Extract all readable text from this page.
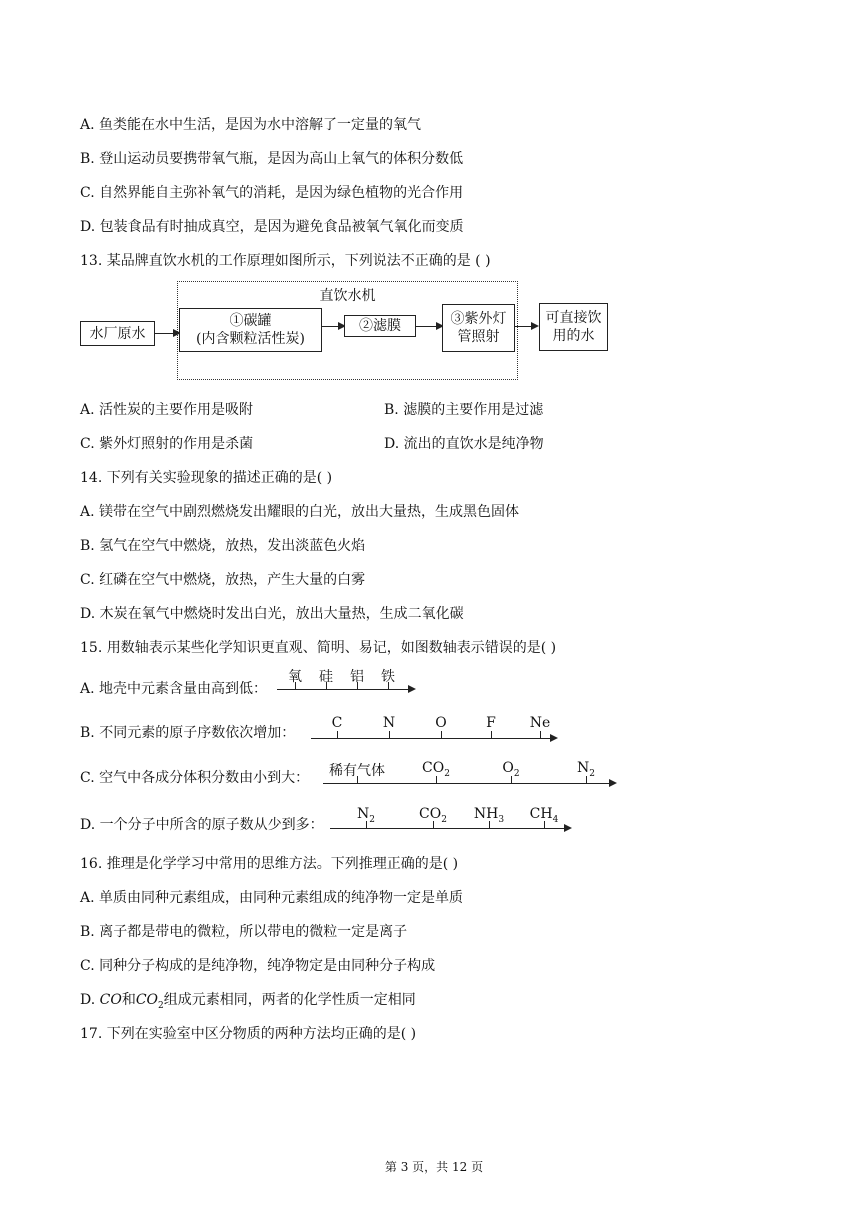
A. 鱼类能在水中生活，是因为水中溶解了一定量的氧气
B. 登山运动员要携带氧气瓶，是因为高山上氧气的体积分数低
C. 自然界能自主弥补氧气的消耗，是因为绿色植物的光合作用
D. 包装食品有时抽成真空，是因为避免食品被氧气氧化而变质
13. 某品牌直饮水机的工作原理如图所示，下列说法不正确的是 ( )
直饮水机
水厂原水
①碳罐
(内含颗粒活性炭)
②滤膜	③紫外灯
管照射
可直接饮
用的水
A. 活性炭的主要作用是吸附	B. 滤膜的主要作用是过滤
C. 紫外灯照射的作用是杀菌	D. 流出的直饮水是纯净物
14. 下列有关实验现象的描述正确的是( )
A. 镁带在空气中剧烈燃烧发出耀眼的白光，放出大量热，生成黑色固体
B. 氢气在空气中燃烧，放热，发出淡蓝色火焰
C. 红磷在空气中燃烧，放热，产生大量的白雾
D. 木炭在氧气中燃烧时发出白光，放出大量热，生成二氧化碳
15. 用数轴表示某些化学知识更直观、简明、易记，如图数轴表示错误的是( )
A. 地壳中元素含量由高到低：
氧 硅 铝 铁
B. 不同元素的原子序数依次增加：
C	N	O	F Ne
C. 空气中各成分体积分数由小到大： 稀有气体	$CO_2$	$O_2$	$N_2$
D. 一个分子中所含的原子数从少到多：
$N_2$	$CO_2$ $NH_3$ $CH_4$
16. 推理是化学学习中常用的思维方法。下列推理正确的是( )
A. 单质由同种元素组成，由同种元素组成的纯净物一定是单质
B. 离子都是带电的微粒，所以带电的微粒一定是离子
C. 同种分子构成的是纯净物，纯净物定是由同种分子构成
D. CO和$CO_2$组成元素相同，两者的化学性质一定相同
17. 下列在实验室中区分物质的两种方法均正确的是( )
第 3 页，共 12 页
